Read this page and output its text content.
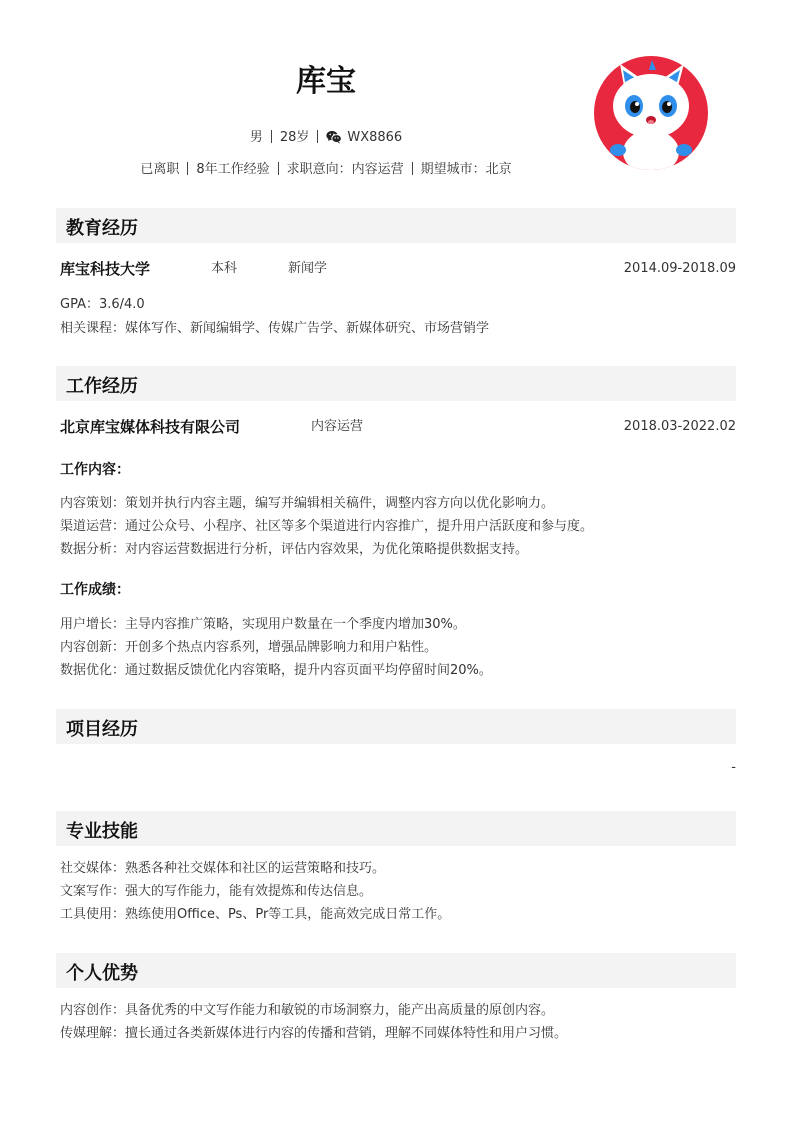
库宝
男 28岁	WX8866
已离职 8年工作经验 求职意向：内容运营 期望城市：北京
教育经历
库宝科技大学	本科	新闻学	2014.09-2018.09
GPA：3.6/4.0
相关课程：媒体写作、新闻编辑学、传媒广告学、新媒体研究、市场营销学
工作经历
北京库宝媒体科技有限公司	内容运营	2018.03-2022.02
工作内容：
内容策划：策划并执行内容主题，编写并编辑相关稿件，调整内容方向以优化影响力。
渠道运营：通过公众号、小程序、社区等多个渠道进行内容推广，提升用户活跃度和参与度。
数据分析：对内容运营数据进行分析，评估内容效果，为优化策略提供数据支持。
工作成绩：
用户增长：主导内容推广策略，实现用户数量在一个季度内增加30%。
内容创新：开创多个热点内容系列，增强品牌影响力和用户粘性。
数据优化：通过数据反馈优化内容策略，提升内容页面平均停留时间20%。
项目经历
-
专业技能
社交媒体：熟悉各种社交媒体和社区的运营策略和技巧。
文案写作：强大的写作能力，能有效提炼和传达信息。
工具使用：熟练使用Office、Ps、Pr等工具，能高效完成日常工作。
个人优势
内容创作：具备优秀的中文写作能力和敏锐的市场洞察力，能产出高质量的原创内容。
传媒理解：擅长通过各类新媒体进行内容的传播和营销，理解不同媒体特性和用户习惯。
